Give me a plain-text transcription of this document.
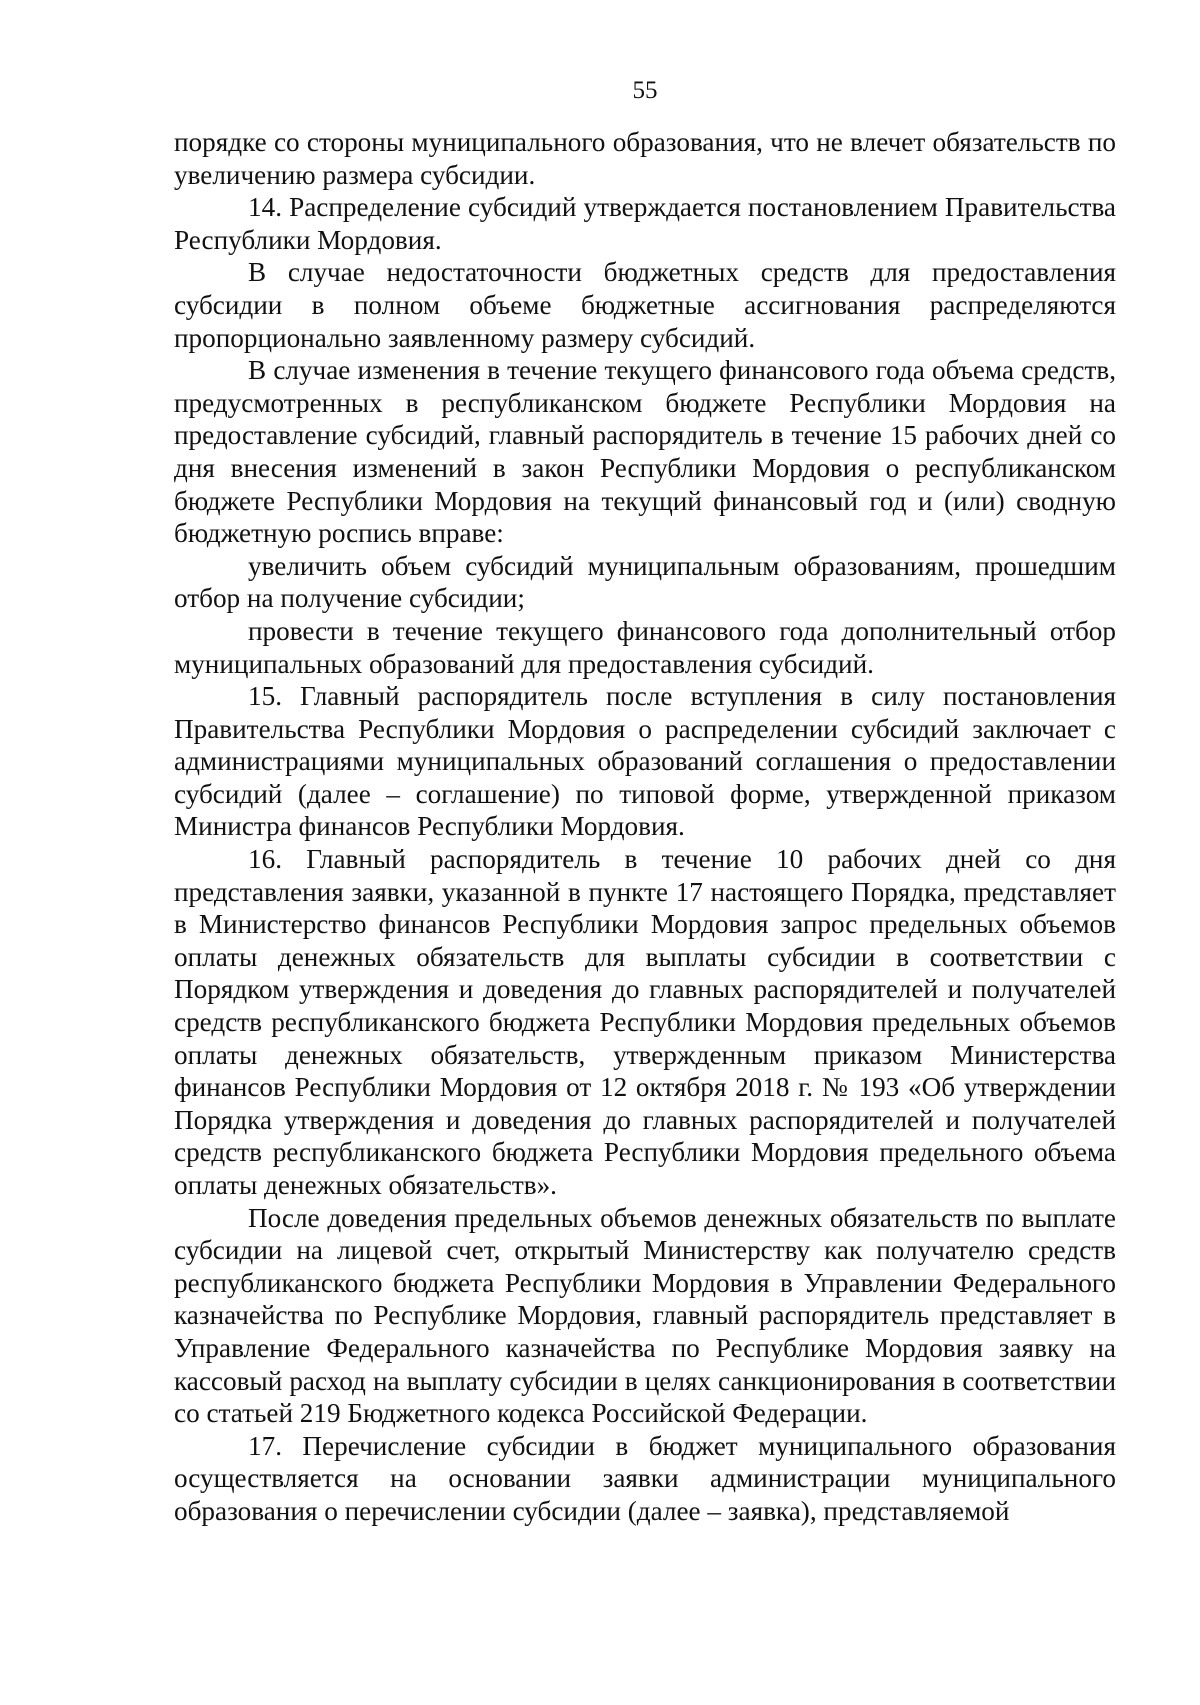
55

порядке со стороны муниципального образования, что не влечет обязательств по увеличению размера субсидии.

14. Распределение субсидий утверждается постановлением Правительства Республики Мордовия.

В случае недостаточности бюджетных средств для предоставления субсидии в полном объеме бюджетные ассигнования распределяются пропорционально заявленному размеру субсидий.

В случае изменения в течение текущего финансового года объема средств, предусмотренных в республиканском бюджете Республики Мордовия на предоставление субсидий, главный распорядитель в течение 15 рабочих дней со дня внесения изменений в закон Республики Мордовия о республиканском бюджете Республики Мордовия на текущий финансовый год и (или) сводную бюджетную роспись вправе:

увеличить объем субсидий муниципальным образованиям, прошедшим отбор на получение субсидии;

провести в течение текущего финансового года дополнительный отбор муниципальных образований для предоставления субсидий.

15. Главный распорядитель после вступления в силу постановления Правительства Республики Мордовия о распределении субсидий заключает с администрациями муниципальных образований соглашения о предоставлении субсидий (далее – соглашение) по типовой форме, утвержденной приказом Министра финансов Республики Мордовия.

16. Главный распорядитель в течение 10 рабочих дней со дня представления заявки, указанной в пункте 17 настоящего Порядка, представляет в Министерство финансов Республики Мордовия запрос предельных объемов оплаты денежных обязательств для выплаты субсидии в соответствии с Порядком утверждения и доведения до главных распорядителей и получателей средств республиканского бюджета Республики Мордовия предельных объемов оплаты денежных обязательств, утвержденным приказом Министерства финансов Республики Мордовия от 12 октября 2018 г. № 193 «Об утверждении Порядка утверждения и доведения до главных распорядителей и получателей средств республиканского бюджета Республики Мордовия предельного объема оплаты денежных обязательств».

После доведения предельных объемов денежных обязательств по выплате субсидии на лицевой счет, открытый Министерству как получателю средств республиканского бюджета Республики Мордовия в Управлении Федерального казначейства по Республике Мордовия, главный распорядитель представляет в Управление Федерального казначейства по Республике Мордовия заявку на кассовый расход на выплату субсидии в целях санкционирования в соответствии со статьей 219 Бюджетного кодекса Российской Федерации.

17. Перечисление субсидии в бюджет муниципального образования осуществляется на основании заявки администрации муниципального образования о перечислении субсидии (далее – заявка), представляемой
